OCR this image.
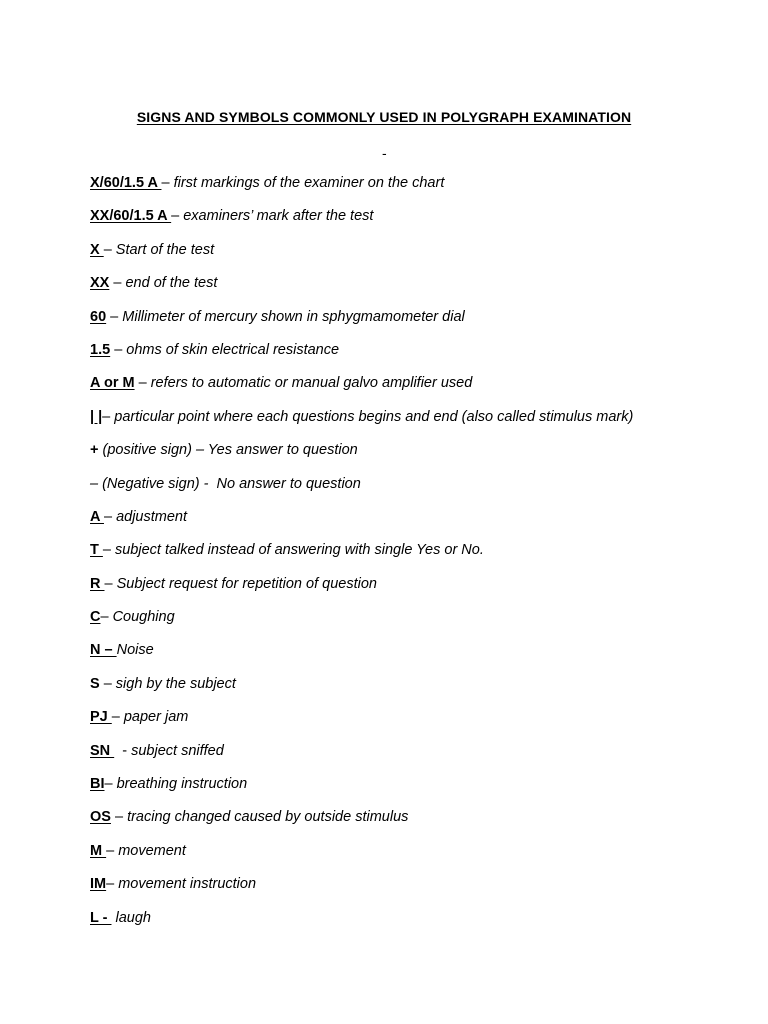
SIGNS AND SYMBOLS COMMONLY USED IN POLYGRAPH EXAMINATION
-
X/60/1.5 A – first markings of the examiner on the chart
XX/60/1.5 A – examiners’ mark after the test
X – Start of the test
XX – end of the test
60 – Millimeter of mercury shown in sphygmamometer dial
1.5 – ohms of skin electrical resistance
A or M – refers to automatic or manual galvo amplifier used
| |– particular point where each questions begins and end (also called stimulus mark)
+ (positive sign) – Yes answer to question
– (Negative sign) -  No answer to question
A – adjustment
T – subject talked instead of answering with single Yes or No.
R – Subject request for repetition of question
C– Coughing
N – Noise
S – sigh by the subject
PJ – paper jam
SN   - subject sniffed
BI– breathing instruction
OS – tracing changed caused by outside stimulus
M – movement
IM– movement instruction
L -  laugh
